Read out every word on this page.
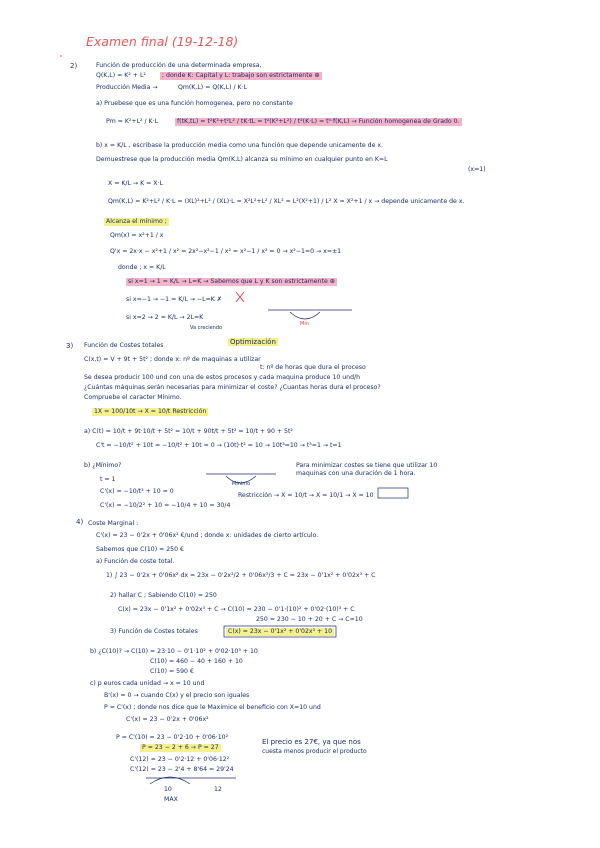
Examen final (19-12-18)
2)	Función de producción de una determinada empresa,
Q(K,L) = K² + L²	; donde K: Capital y L: trabajo son estrictamente ⊕
Producción Media →	Qm(K,L) = Q(K,L) / K·L
a) Pruebese que es una función homogenea, pero no constante
Pm = K²+L² / K·L	f(tK,tL) = t²K²+t²L² / tK·tL = t²(K²+L²) / t²(K·L) = t⁰·f(K,L) → Función homogenea de Grado 0.
b) x = K/L , escribase la producción media como una función que depende unicamente de x.
Demuestrese que la producción media Qm(K,L) alcanza su mínimo en cualquier punto en K=L
(x=1)
X = K/L → K = X·L
Qm(K,L) = K²+L² / K·L = (XL)²+L² / (XL)·L = X²L²+L² / XL² = L²(X²+1) / L² X = X²+1 / x → depende unicamente de x.
Alcanza el mínimo ;
Qm(x) = x²+1 / x
Q'x = 2x·x − x²+1 / x² = 2x²−x²−1 / x² = x²−1 / x² = 0 → x²−1=0 → x=±1
donde ; x = K/L
si x=1 → 1 = K/L → L=K → Sabemos que L y K son estrictamente ⊕
si x=−1 → −1 = K/L → −L=K ✗
si x=2 → 2 = K/L → 2L=K
Va creciendo
Mín
3) Función de Costes totales	Optimización
C(x,t) = V + 9t + 5t² ; donde x: nº de maquinas a utilizar
t: nº de horas que dura el proceso
Se desea producir 100 und con una de estos procesos y cada maquina produce 10 und/h
¿Cuántas máquinas serán necesarias para minimizar el coste? ¿Cuantas horas dura el proceso?
Compruebe el caracter Mínimo.
1X = 100/10t → X = 10/t Restricción
a) C(t) = 10/t + 9t·10/t + 5t² = 10/t + 90t/t + 5t² = 10/t + 90 + 5t²
C't = −10/t² + 10t = −10/t² + 10t = 0 → (10t)·t² = 10 → 10t³=10 → t³=1 → t=1
b) ¿Mínimo?
t = 1
C'(x) = −10/t² + 10 = 0
C'(x) = −10/2² + 10 = −10/4 + 10 = 30/4
Para minimizar costes se tiene que utilizar 10 maquinas con una duración de 1 hora.
Restricción → X = 10/t → X = 10/1 → X = 10
Mínimo
4) Coste Marginal :
C'(x) = 23 − 0'2x + 0'06x² €/und ; donde x: unidades de cierto artículo.
Sabemos que C(10) = 250 €
a) Función de coste total.
1) ∫ 23 − 0'2x + 0'06x² dx = 23x − 0'2x²/2 + 0'06x³/3 + C = 23x − 0'1x² + 0'02x³ + C
2) hallar C ; Sabiendo C(10) = 250
C(x) = 23x − 0'1x² + 0'02x³ + C → C(10) = 230 − 0'1·(10)² + 0'02·(10)³ + C
250 = 230 − 10 + 20 + C → C=10
3) Función de Costes totales	C(x) = 23x − 0'1x² + 0'02x³ + 10
b) ¿C(10)? → C(10) = 23·10 − 0'1·10² + 0'02·10³ + 10
C(10) = 460 − 40 + 160 + 10
C(10) = 590 €
c) p euros cada unidad → x = 10 und
B'(x) = 0 → cuando C(x) y el precio son iguales
P = C'(x) ; donde nos dice que le Maximice el beneficio con X=10 und
C'(x) = 23 − 0'2x + 0'06x²
P = C'(10) = 23 − 0'2·10 + 0'06·10²
P = 23 − 2 + 6 → P = 27
C'(12) = 23 − 0'2·12 + 0'06·12²
C'(12) = 23 − 2'4 + 8'64 = 29'24
El precio es 27€, ya que nos
cuesta menos producir el producto
10	12
MAX
